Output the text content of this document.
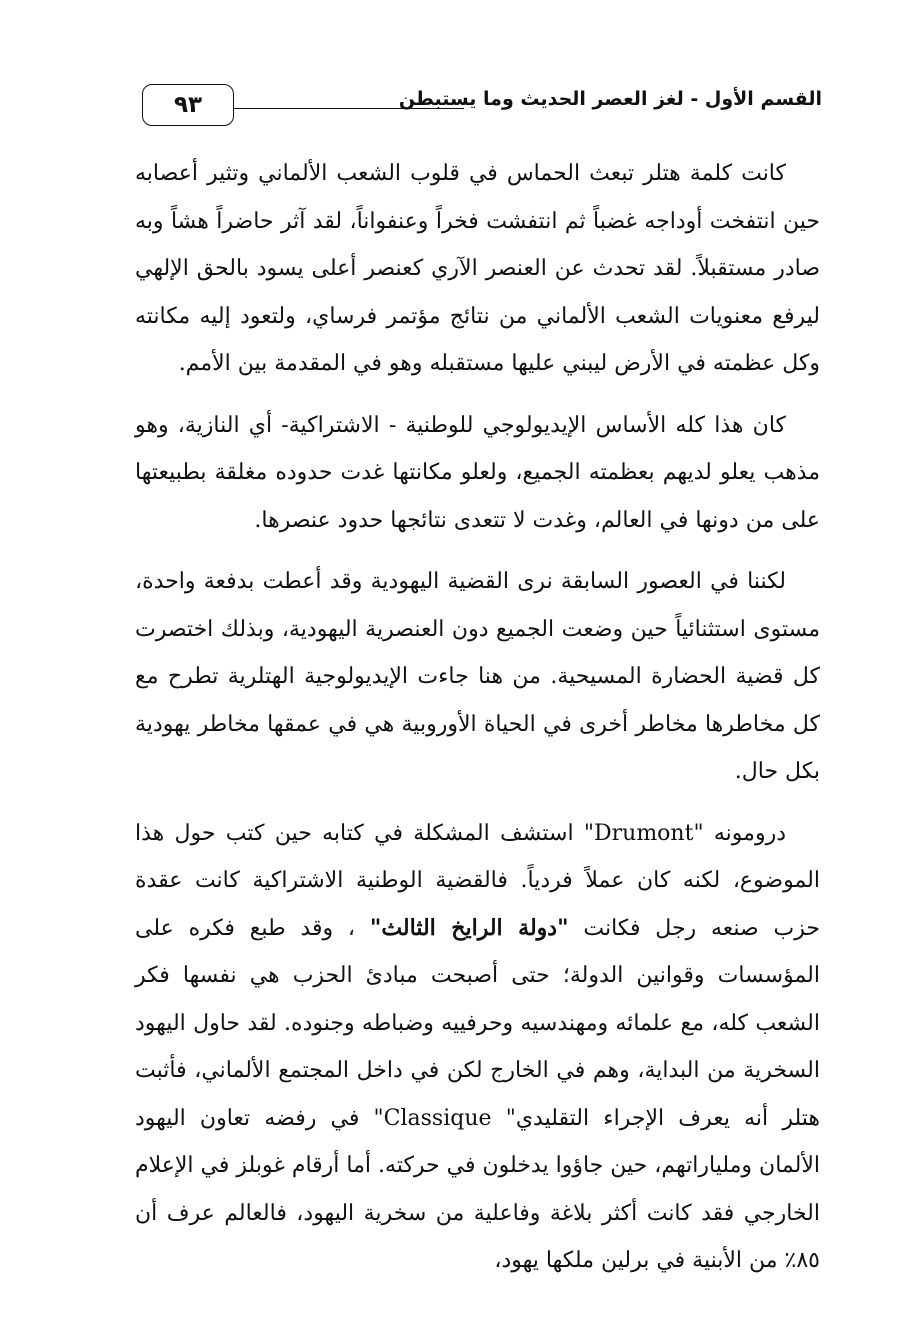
القسم الأول - لغز العصر الحديث وما يستبطن
٩٣

كانت كلمة هتلر تبعث الحماس في قلوب الشعب الألماني وتثير أعصابه حين انتفخت أوداجه غضباً ثم انتفشت فخراً وعنفواناً، لقد آثر حاضراً هشاً وبه صادر مستقبلاً. لقد تحدث عن العنصر الآري كعنصر أعلى يسود بالحق الإلهي ليرفع معنويات الشعب الألماني من نتائج مؤتمر فرساي، ولتعود إليه مكانته وكل عظمته في الأرض ليبني عليها مستقبله وهو في المقدمة بين الأمم.

كان هذا كله الأساس الإيديولوجي للوطنية - الاشتراكية- أي النازية، وهو مذهب يعلو لديهم بعظمته الجميع، ولعلو مكانتها غدت حدوده مغلقة بطبيعتها على من دونها في العالم، وغدت لا تتعدى نتائجها حدود عنصرها.

لكننا في العصور السابقة نرى القضية اليهودية وقد أعطت بدفعة واحدة، مستوى استثنائياً حين وضعت الجميع دون العنصرية اليهودية، وبذلك اختصرت كل قضية الحضارة المسيحية. من هنا جاءت الإيديولوجية الهتلرية تطرح مع كل مخاطرها مخاطر أخرى في الحياة الأوروبية هي في عمقها مخاطر يهودية بكل حال.

درومونه "Drumont" استشف المشكلة في كتابه حين كتب حول هذا الموضوع، لكنه كان عملاً فردياً. فالقضية الوطنية الاشتراكية كانت عقدة حزب صنعه رجل فكانت "دولة الرايخ الثالث" ، وقد طبع فكره على المؤسسات وقوانين الدولة؛ حتى أصبحت مبادئ الحزب هي نفسها فكر الشعب كله، مع علمائه ومهندسيه وحرفييه وضباطه وجنوده. لقد حاول اليهود السخرية من البداية، وهم في الخارج لكن في داخل المجتمع الألماني، فأثبت هتلر أنه يعرف الإجراء التقليدي" Classique" في رفضه تعاون اليهود الألمان وملياراتهم، حين جاؤوا يدخلون في حركته. أما أرقام غوبلز في الإعلام الخارجي فقد كانت أكثر بلاغة وفاعلية من سخرية اليهود، فالعالم عرف أن ٨٥٪ من الأبنية في برلين ملكها يهود،
